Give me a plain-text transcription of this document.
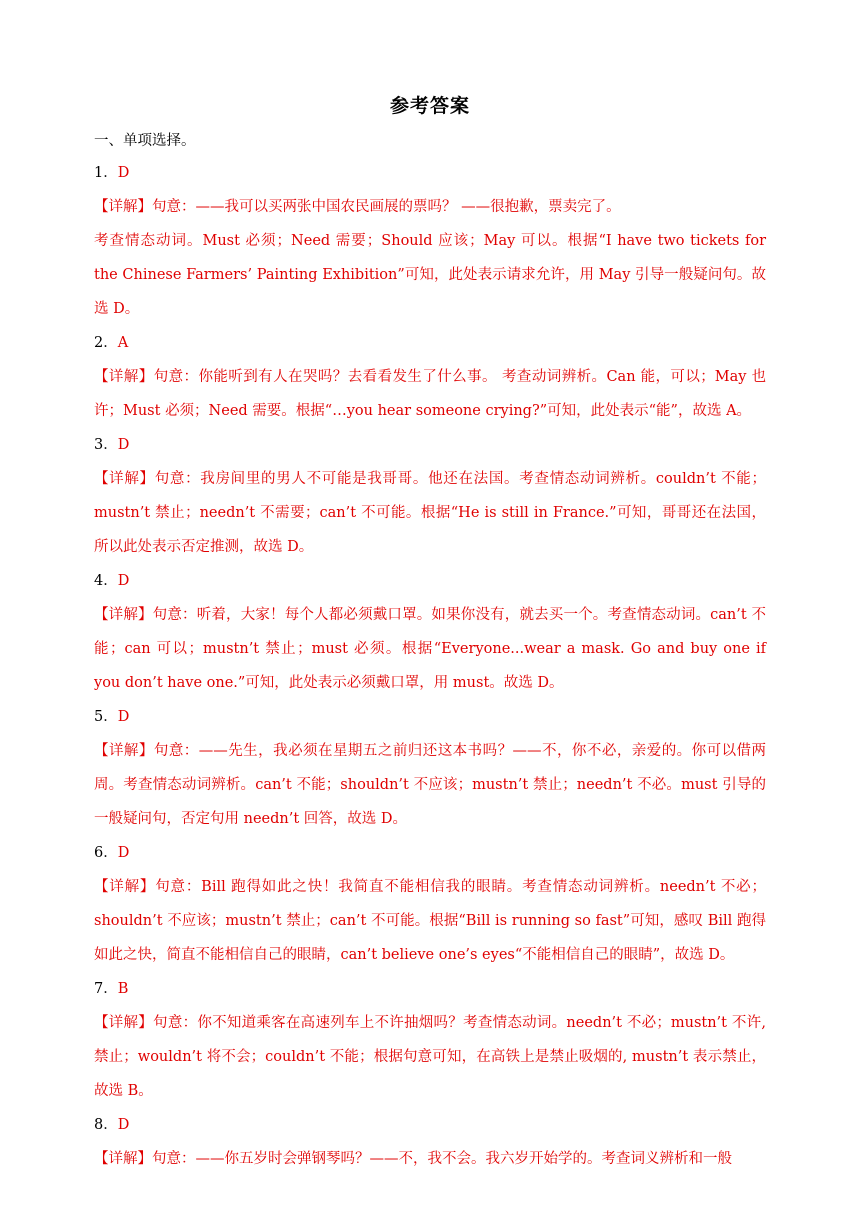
参考答案
一、单项选择。
1．D

【详解】句意：——我可以买两张中国农民画展的票吗？ ——很抱歉，票卖完了。

考查情态动词。Must 必须；Need 需要；Should 应该；May 可以。根据“I have two tickets for the Chinese Farmers’ Painting Exhibition”可知，此处表示请求允许，用 May 引导一般疑问句。故选 D。

2．A

【详解】句意：你能听到有人在哭吗？去看看发生了什么事。 考查动词辨析。Can 能，可以；May 也许；Must 必须；Need 需要。根据“…you hear someone crying?”可知，此处表示“能”，故选 A。

3．D

【详解】句意：我房间里的男人不可能是我哥哥。他还在法国。考查情态动词辨析。couldn’t 不能；mustn’t 禁止；needn’t 不需要；can’t 不可能。根据“He is still in France.”可知，哥哥还在法国，所以此处表示否定推测，故选 D。

4．D

【详解】句意：听着，大家！每个人都必须戴口罩。如果你没有，就去买一个。考查情态动词。can’t 不能；can 可以；mustn’t 禁止；must 必须。根据“Everyone...wear a mask. Go and buy one if you don’t have one.”可知，此处表示必须戴口罩，用 must。故选 D。

5．D

【详解】句意：——先生，我必须在星期五之前归还这本书吗？——不，你不必，亲爱的。你可以借两周。考查情态动词辨析。can’t 不能；shouldn’t 不应该；mustn’t 禁止；needn’t 不必。must 引导的一般疑问句，否定句用 needn’t 回答，故选 D。

6．D

【详解】句意：Bill 跑得如此之快！我简直不能相信我的眼睛。考查情态动词辨析。needn’t 不必；shouldn’t 不应该；mustn’t 禁止；can’t 不可能。根据“Bill is running so fast”可知，感叹 Bill 跑得如此之快，简直不能相信自己的眼睛，can’t believe one’s eyes“不能相信自己的眼睛”，故选 D。

7．B

【详解】句意：你不知道乘客在高速列车上不许抽烟吗？考查情态动词。needn’t 不必；mustn’t 不许, 禁止；wouldn’t 将不会；couldn’t 不能；根据句意可知，在高铁上是禁止吸烟的, mustn’t 表示禁止，故选 B。

8．D

【详解】句意：——你五岁时会弹钢琴吗？——不，我不会。我六岁开始学的。考查词义辨析和一般
